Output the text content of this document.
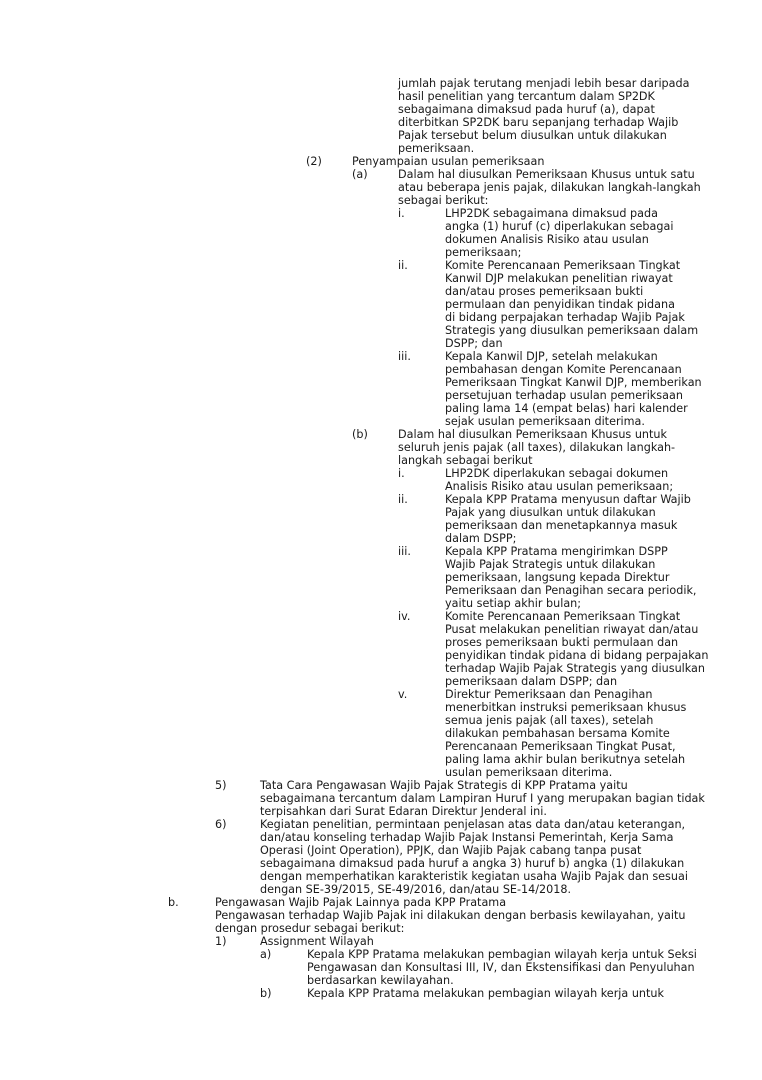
jumlah pajak terutang menjadi lebih besar daripada
hasil penelitian yang tercantum dalam SP2DK
sebagaimana dimaksud pada huruf (a), dapat
diterbitkan SP2DK baru sepanjang terhadap Wajib
Pajak tersebut belum diusulkan untuk dilakukan
pemeriksaan.
(2)	Penyampaian usulan pemeriksaan
(a)	Dalam hal diusulkan Pemeriksaan Khusus untuk satu
atau beberapa jenis pajak, dilakukan langkah-langkah
sebagai berikut:
i.	LHP2DK sebagaimana dimaksud pada
angka (1) huruf (c) diperlakukan sebagai
dokumen Analisis Risiko atau usulan
pemeriksaan;
ii.	Komite Perencanaan Pemeriksaan Tingkat
Kanwil DJP melakukan penelitian riwayat
dan/atau proses pemeriksaan bukti
permulaan dan penyidikan tindak pidana
di bidang perpajakan terhadap Wajib Pajak
Strategis yang diusulkan pemeriksaan dalam
DSPP; dan
iii.	Kepala Kanwil DJP, setelah melakukan
pembahasan dengan Komite Perencanaan
Pemeriksaan Tingkat Kanwil DJP, memberikan
persetujuan terhadap usulan pemeriksaan
paling lama 14 (empat belas) hari kalender
sejak usulan pemeriksaan diterima.
(b)	Dalam hal diusulkan Pemeriksaan Khusus untuk
seluruh jenis pajak (all taxes), dilakukan langkah-
langkah sebagai berikut
i.	LHP2DK diperlakukan sebagai dokumen
Analisis Risiko atau usulan pemeriksaan;
ii.	Kepala KPP Pratama menyusun daftar Wajib
Pajak yang diusulkan untuk dilakukan
pemeriksaan dan menetapkannya masuk
dalam DSPP;
iii.	Kepala KPP Pratama mengirimkan DSPP
Wajib Pajak Strategis untuk dilakukan
pemeriksaan, langsung kepada Direktur
Pemeriksaan dan Penagihan secara periodik,
yaitu setiap akhir bulan;
iv.	Komite Perencanaan Pemeriksaan Tingkat
Pusat melakukan penelitian riwayat dan/atau
proses pemeriksaan bukti permulaan dan
penyidikan tindak pidana di bidang perpajakan
terhadap Wajib Pajak Strategis yang diusulkan
pemeriksaan dalam DSPP; dan
v.	Direktur Pemeriksaan dan Penagihan
menerbitkan instruksi pemeriksaan khusus
semua jenis pajak (all taxes), setelah
dilakukan pembahasan bersama Komite
Perencanaan Pemeriksaan Tingkat Pusat,
paling lama akhir bulan berikutnya setelah
usulan pemeriksaan diterima.
5)	Tata Cara Pengawasan Wajib Pajak Strategis di KPP Pratama yaitu
sebagaimana tercantum dalam Lampiran Huruf I yang merupakan bagian tidak
terpisahkan dari Surat Edaran Direktur Jenderal ini.
6)	Kegiatan penelitian, permintaan penjelasan atas data dan/atau keterangan,
dan/atau konseling terhadap Wajib Pajak Instansi Pemerintah, Kerja Sama
Operasi (Joint Operation), PPJK, dan Wajib Pajak cabang tanpa pusat
sebagaimana dimaksud pada huruf a angka 3) huruf b) angka (1) dilakukan
dengan memperhatikan karakteristik kegiatan usaha Wajib Pajak dan sesuai
dengan SE-39/2015, SE-49/2016, dan/atau SE-14/2018.
b.	Pengawasan Wajib Pajak Lainnya pada KPP Pratama
Pengawasan terhadap Wajib Pajak ini dilakukan dengan berbasis kewilayahan, yaitu
dengan prosedur sebagai berikut:
1)	Assignment Wilayah
a)	Kepala KPP Pratama melakukan pembagian wilayah kerja untuk Seksi
Pengawasan dan Konsultasi III, IV, dan Ekstensifikasi dan Penyuluhan
berdasarkan kewilayahan.
b)	Kepala KPP Pratama melakukan pembagian wilayah kerja untuk
